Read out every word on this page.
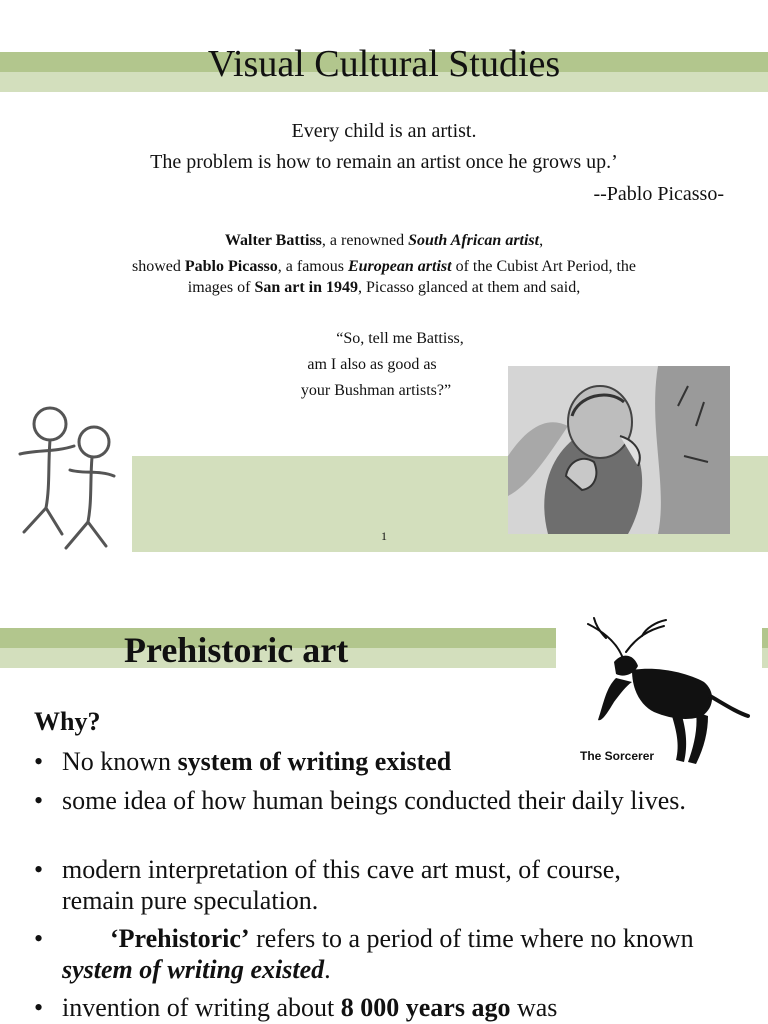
Visual Cultural Studies
Every child is an artist.
The problem is how to remain an artist once he grows up.’
--Pablo Picasso-
Walter Battiss, a renowned South African artist,
showed Pablo Picasso, a famous European artist of the Cubist Art Period, the
images of San art in 1949, Picasso glanced at them and said,
“So, tell me Battiss,
am I also as good as
your Bushman artists?”
1
Prehistoric art
The Sorcerer
Why?
• No known system of writing existed
• some idea of how human beings conducted their daily lives.
• modern interpretation of this cave art must, of course, remain pure speculation.
•	‘Prehistoric’ refers to a period of time where no known system of writing existed.
• invention of writing about 8 000 years ago was
